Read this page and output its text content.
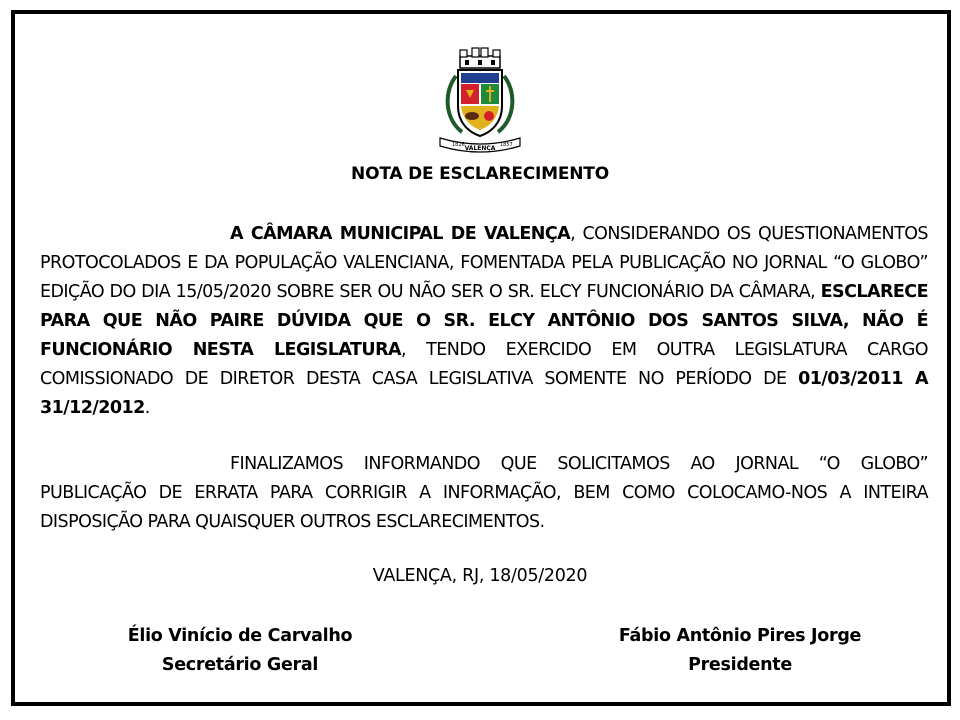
1826 VALENÇA 1857
NOTA DE ESCLARECIMENTO
A CÂMARA MUNICIPAL DE VALENÇA, CONSIDERANDO OS QUESTIONAMENTOS PROTOCOLADOS E DA POPULAÇÃO VALENCIANA, FOMENTADA PELA PUBLICAÇÃO NO JORNAL “O GLOBO” EDIÇÃO DO DIA 15/05/2020 SOBRE SER OU NÃO SER O SR. ELCY FUNCIONÁRIO DA CÂMARA, ESCLARECE PARA QUE NÃO PAIRE DÚVIDA QUE O SR. ELCY ANTÔNIO DOS SANTOS SILVA, NÃO É FUNCIONÁRIO NESTA LEGISLATURA, TENDO EXERCIDO EM OUTRA LEGISLATURA CARGO COMISSIONADO DE DIRETOR DESTA CASA LEGISLATIVA SOMENTE NO PERÍODO DE 01/03/2011 A 31/12/2012.
FINALIZAMOS INFORMANDO QUE SOLICITAMOS AO JORNAL “O GLOBO” PUBLICAÇÃO DE ERRATA PARA CORRIGIR A INFORMAÇÃO, BEM COMO COLOCAMO-NOS A INTEIRA DISPOSIÇÃO PARA QUAISQUER OUTROS ESCLARECIMENTOS.
VALENÇA, RJ, 18/05/2020
Élio Vinício de Carvalho
Secretário Geral
Fábio Antônio Pires Jorge
Presidente
